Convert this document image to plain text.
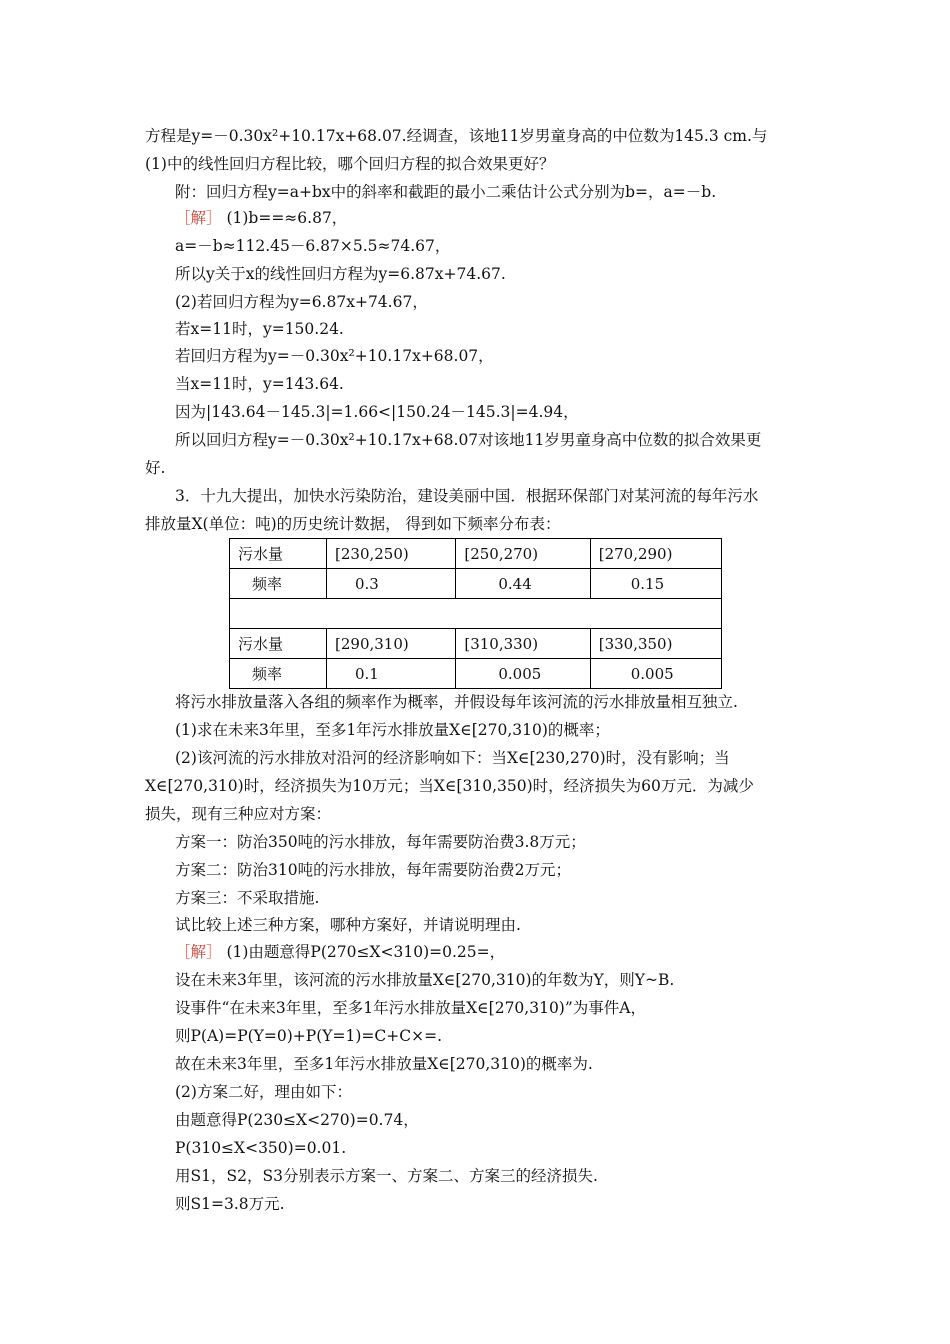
方程是y=－0.30x²+10.17x+68.07.经调查，该地11岁男童身高的中位数为145.3 cm.与
(1)中的线性回归方程比较，哪个回归方程的拟合效果更好？
附：回归方程y=a+bx中的斜率和截距的最小二乘估计公式分别为b=，a=－b.
［解］ (1)b==≈6.87，
a=－b≈112.45－6.87×5.5≈74.67，
所以y关于x的线性回归方程为y=6.87x+74.67.
(2)若回归方程为y=6.87x+74.67，
若x=11时，y=150.24.
若回归方程为y=－0.30x²+10.17x+68.07，
当x=11时，y=143.64.
因为|143.64－145.3|=1.66<|150.24－145.3|=4.94，
所以回归方程y=－0.30x²+10.17x+68.07对该地11岁男童身高中位数的拟合效果更
好.
3．十九大提出，加快水污染防治，建设美丽中国．根据环保部门对某河流的每年污水
排放量X(单位：吨)的历史统计数据， 得到如下频率分布表：
污水量	[230,250)	[250,270)	[270,290)
频率	0.3	0.44	0.15

污水量	[290,310)	[310,330)	[330,350)
频率	0.1	0.005	0.005
将污水排放量落入各组的频率作为概率，并假设每年该河流的污水排放量相互独立.
(1)求在未来3年里，至多1年污水排放量X∈[270,310)的概率；
(2)该河流的污水排放对沿河的经济影响如下：当X∈[230,270)时，没有影响；当
X∈[270,310)时，经济损失为10万元；当X∈[310,350)时，经济损失为60万元．为减少
损失，现有三种应对方案：
方案一：防治350吨的污水排放，每年需要防治费3.8万元；
方案二：防治310吨的污水排放，每年需要防治费2万元；
方案三：不采取措施.
试比较上述三种方案，哪种方案好，并请说明理由.
［解］ (1)由题意得P(270≤X<310)=0.25=，
设在未来3年里，该河流的污水排放量X∈[270,310)的年数为Y，则Y~B.
设事件“在未来3年里，至多1年污水排放量X∈[270,310)”为事件A，
则P(A)=P(Y=0)+P(Y=1)=C+C×=.
故在未来3年里，至多1年污水排放量X∈[270,310)的概率为.
(2)方案二好，理由如下：
由题意得P(230≤X<270)=0.74，
P(310≤X<350)=0.01.
用S1，S2，S3分别表示方案一、方案二、方案三的经济损失.
则S1=3.8万元.
